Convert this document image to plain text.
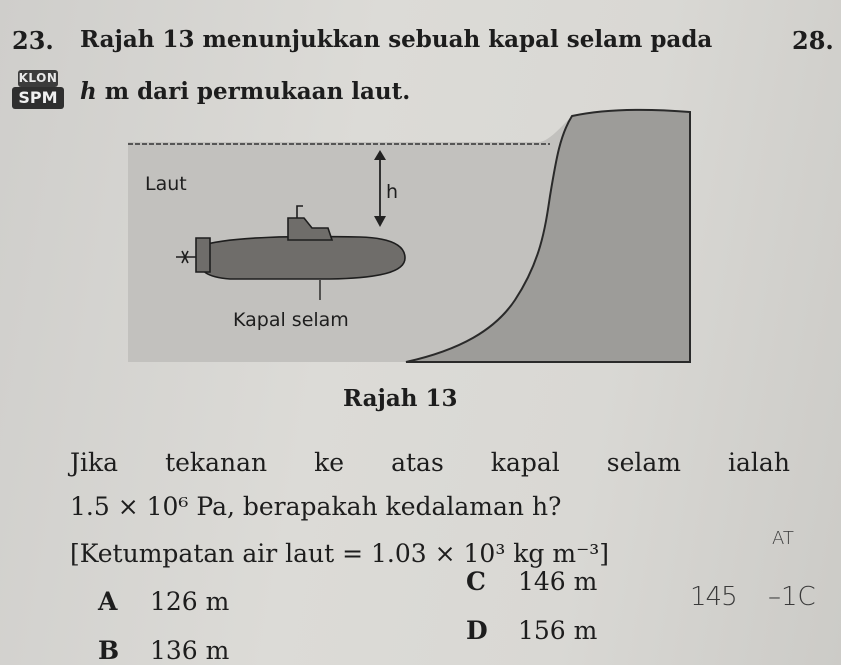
23. Rajah 13 menunjukkan sebuah kapal selam pada	28.
KLON
SPM h m dari permukaan laut.
Laut	h
Kapal selam
Rajah 13
Jika tekanan ke atas kapal selam ialah
1.5 × 10⁶ Pa, berapakah kedalaman h?
[Ketumpatan air laut = 1.03 × 10³ kg m⁻³]
A 126 m
B 136 m
C 146 m
D 156 m
AT
145 –1C
